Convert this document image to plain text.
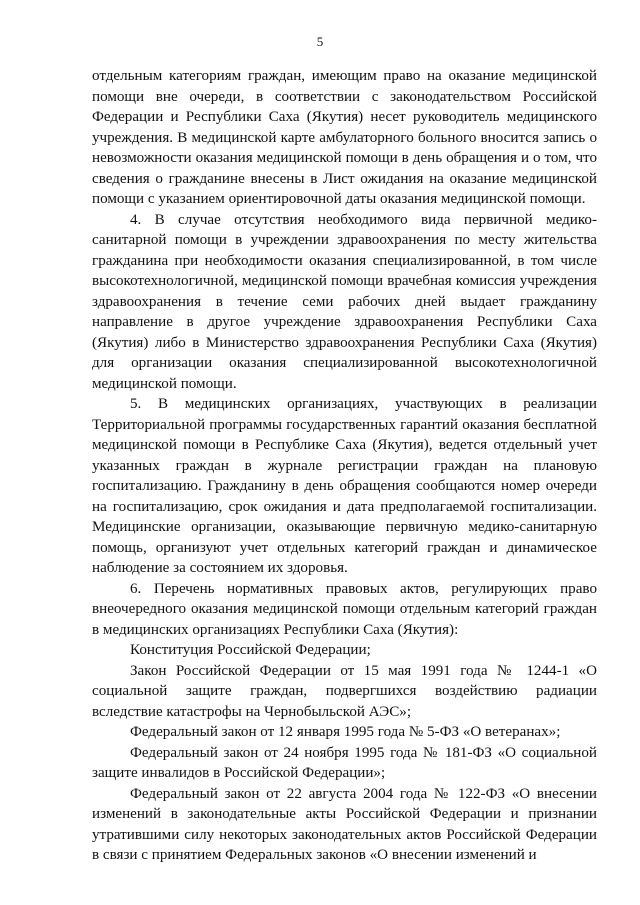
5

отдельным категориям граждан, имеющим право на оказание медицинской помощи вне очереди, в соответствии с законодательством Российской Федерации и Республики Саха (Якутия) несет руководитель медицинского учреждения. В медицинской карте амбулаторного больного вносится запись о невозможности оказания медицинской помощи в день обращения и о том, что сведения о гражданине внесены в Лист ожидания на оказание медицинской помощи с указанием ориентировочной даты оказания медицинской помощи.

4. В случае отсутствия необходимого вида первичной медико-санитарной помощи в учреждении здравоохранения по месту жительства гражданина при необходимости оказания специализированной, в том числе высокотехнологичной, медицинской помощи врачебная комиссия учреждения здравоохранения в течение семи рабочих дней выдает гражданину направление в другое учреждение здравоохранения Республики Саха (Якутия) либо в Министерство здравоохранения Республики Саха (Якутия) для организации оказания специализированной высокотехнологичной медицинской помощи.

5. В медицинских организациях, участвующих в реализации Территориальной программы государственных гарантий оказания бесплатной медицинской помощи в Республике Саха (Якутия), ведется отдельный учет указанных граждан в журнале регистрации граждан на плановую госпитализацию. Гражданину в день обращения сообщаются номер очереди на госпитализацию, срок ожидания и дата предполагаемой госпитализации. Медицинские организации, оказывающие первичную медико-санитарную помощь, организуют учет отдельных категорий граждан и динамическое наблюдение за состоянием их здоровья.

6. Перечень нормативных правовых актов, регулирующих право внеочередного оказания медицинской помощи отдельным категорий граждан в медицинских организациях Республики Саха (Якутия):

Конституция Российской Федерации;

Закон Российской Федерации от 15 мая 1991 года № 1244-1 «О социальной защите граждан, подвергшихся воздействию радиации вследствие катастрофы на Чернобыльской АЭС»;

Федеральный закон от 12 января 1995 года № 5-ФЗ «О ветеранах»;

Федеральный закон от 24 ноября 1995 года № 181-ФЗ «О социальной защите инвалидов в Российской Федерации»;

Федеральный закон от 22 августа 2004 года № 122-ФЗ «О внесении изменений в законодательные акты Российской Федерации и признании утратившими силу некоторых законодательных актов Российской Федерации в связи с принятием Федеральных законов «О внесении изменений и
